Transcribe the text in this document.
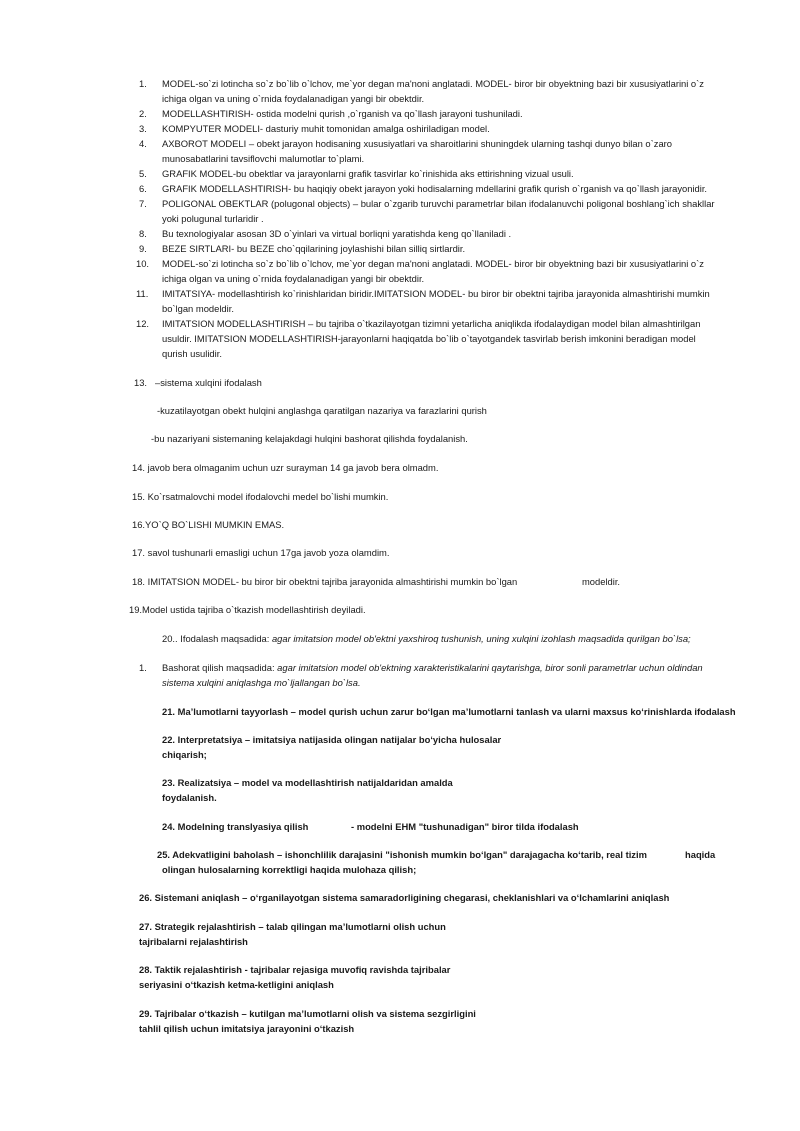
1. MODEL-so`zi lotincha so`z bo`lib o`lchov, me`yor degan ma'noni anglatadi. MODEL- biror bir obyektning bazi bir xususiyatlarini o`z
ichiga olgan va uning o`rnida foydalanadigan yangi bir obektdir.
2. MODELLASHTIRISH- ostida modelni qurish ,o`rganish va qo`llash jarayoni tushuniladi.
3. KOMPYUTER MODELI- dasturiy muhit tomonidan amalga oshiriladigan model.
4. AXBOROT MODELI – obekt jarayon hodisaning xususiyatlari va sharoitlarini shuningdek ularning tashqi dunyo bilan o`zaro
munosabatlarini tavsiflovchi malumotlar to`plami.
5. GRAFIK MODEL-bu obektlar va jarayonlarni grafik tasvirlar ko`rinishida aks ettirishning vizual usuli.
6. GRAFIK MODELLASHTIRISH- bu haqiqiy obekt jarayon yoki hodisalarning mdellarini grafik qurish o`rganish va qo`llash jarayonidir.
7. POLIGONAL OBEKTLAR (polugonal objects) – bular o`zgarib turuvchi parametrlar bilan ifodalanuvchi poligonal boshlang`ich shakllar
yoki polugunal turlaridir .
8. Bu texnologiyalar asosan 3D o`yinlari va virtual borliqni yaratishda keng qo`llaniladi .
9. BEZE SIRTLARI- bu BEZE cho`qqilarining joylashishi bilan silliq sirtlardir.
10. MODEL-so`zi lotincha so`z bo`lib o`lchov, me`yor degan ma'noni anglatadi. MODEL- biror bir obyektning bazi bir xususiyatlarini o`z
ichiga olgan va uning o`rnida foydalanadigan yangi bir obektdir.
11. IMITATSIYA- modellashtirish ko`rinishlaridan biridir.IMITATSION MODEL- bu biror bir obektni tajriba jarayonida almashtirishi mumkin
bo`lgan modeldir.
12. IMITATSION MODELLASHTIRISH – bu tajriba o`tkazilayotgan tizimni yetarlicha aniqlikda ifodalaydigan model bilan almashtirilgan
usuldir. IMITATSION MODELLASHTIRISH-jarayonlarni haqiqatda bo`lib o`tayotgandek tasvirlab berish imkonini beradigan model
qurish usulidir.
13. –sistema xulqini ifodalash
-kuzatilayotgan obekt hulqini anglashga qaratilgan nazariya va farazlarini qurish
-bu nazariyani sistemaning kelajakdagi hulqini bashorat qilishda foydalanish.
14. javob bera olmaganim uchun uzr surayman 14 ga javob bera olmadm.
15. Ko`rsatmalovchi model ifodalovchi medel bo`lishi mumkin.
16.YO`Q BO`LISHI MUMKIN EMAS.
17. savol tushunarli emasligi uchun 17ga javob yoza olamdim.
18. IMITATSION MODEL- bu biror bir obektni tajriba jarayonida almashtirishi mumkin bo`lgan	modeldir.
19.Model ustida tajriba o`tkazish modellashtirish deyiladi.
20.. Ifodalash maqsadida: agar imitatsion model ob'ektni yaxshiroq tushunish, uning xulqini izohlash maqsadida qurilgan bo`lsa;
1. Bashorat qilish maqsadida: agar imitatsion model ob'ektning xarakteristikalarini qaytarishga, biror sonli parametrlar uchun oldindan
sistema xulqini aniqlashga mo`ljallangan bo`lsa.
21. Ma’lumotlarni tayyorlash – model qurish uchun zarur bo‘lgan ma’lumotlarni tanlash va ularni maxsus ko‘rinishlarda ifodalash
22. Interpretatsiya – imitatsiya natijasida olingan natijalar bo‘yicha hulosalar
chiqarish;
23. Realizatsiya – model va modellashtirish natijaldaridan amalda
foydalanish.
24. Modelning translyasiya qilish	- modelni EHM "tushunadigan" biror tilda ifodalash
25. Adekvatligini baholash – ishonchlilik darajasini "ishonish mumkin bo‘lgan" darajagacha ko‘tarib, real tizim	haqida
olingan hulosalarning korrektligi haqida mulohaza qilish;
26. Sistemani aniqlash – o‘rganilayotgan sistema samaradorligining chegarasi, cheklanishlari va o‘lchamlarini aniqlash
27. Strategik rejalashtirish – talab qilingan ma’lumotlarni olish uchun
tajribalarni rejalashtirish
28. Taktik rejalashtirish - tajribalar rejasiga muvofiq ravishda tajribalar
seriyasini o‘tkazish ketma-ketligini aniqlash
29. Tajribalar o‘tkazish – kutilgan ma’lumotlarni olish va sistema sezgirligini
tahlil qilish uchun imitatsiya jarayonini o‘tkazish
